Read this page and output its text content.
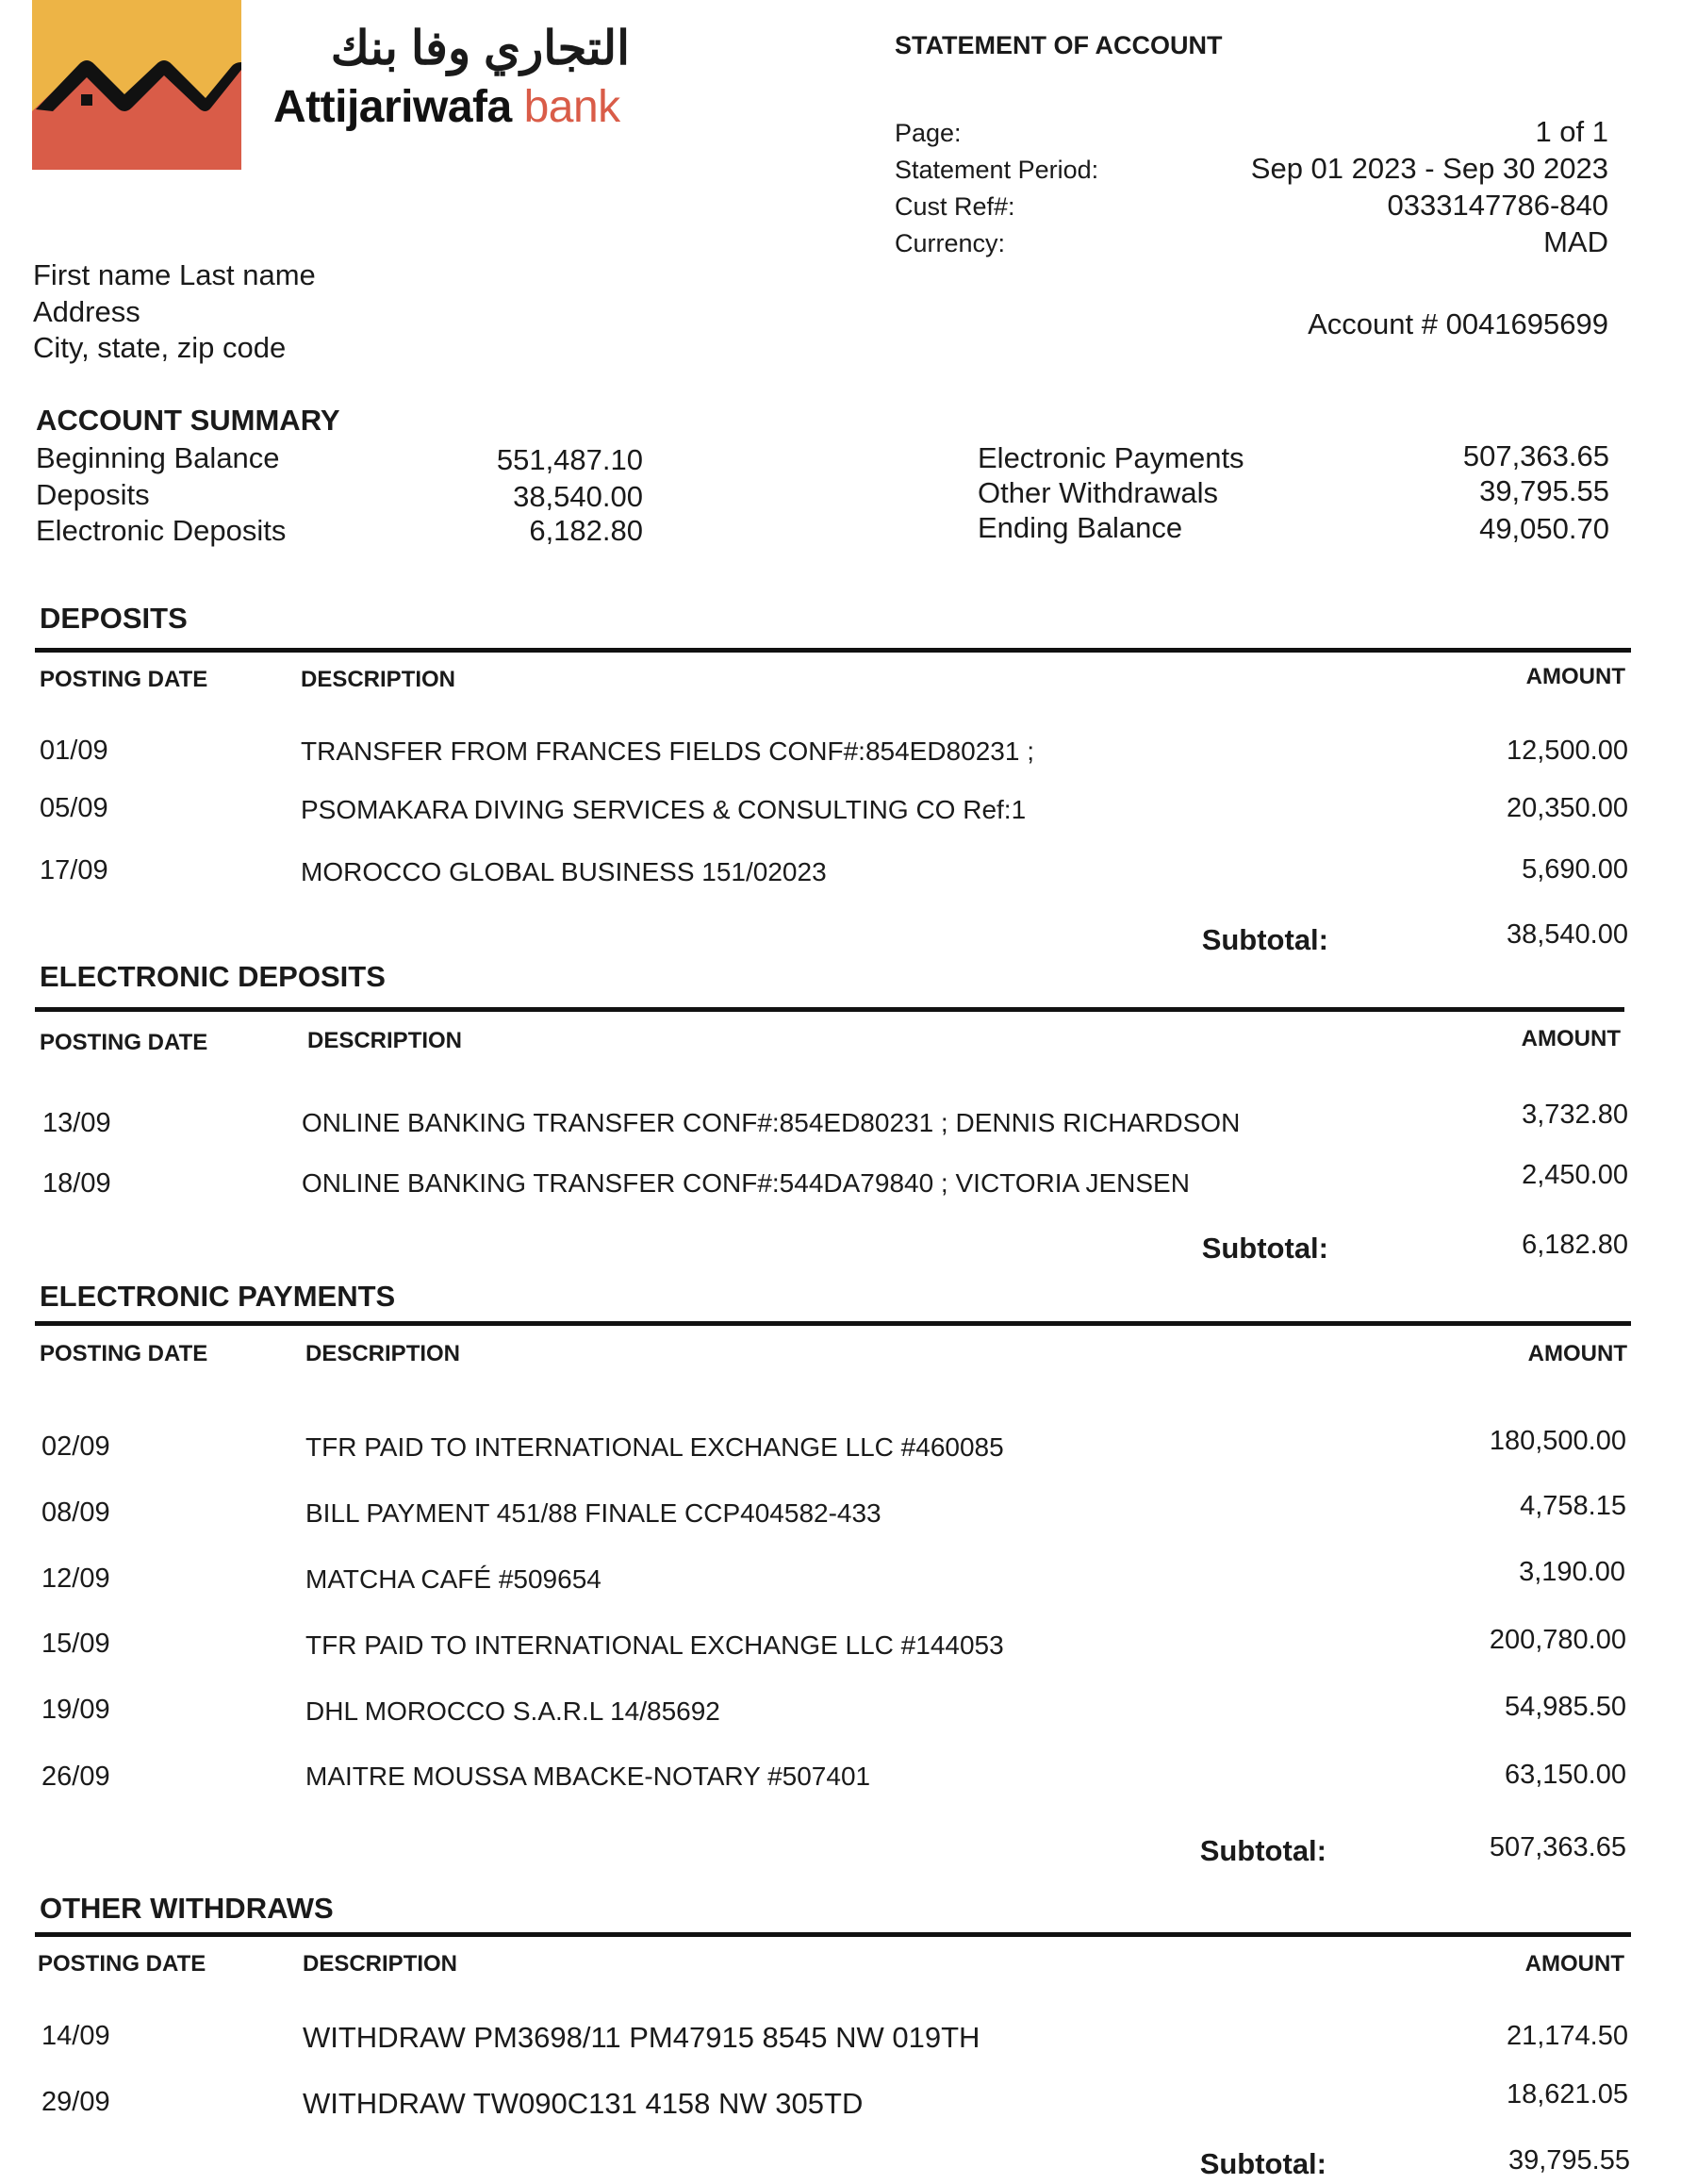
التجاري وفا بنك
Attijariwafa bank
STATEMENT OF ACCOUNT
Page:	1 of 1
Statement Period:	Sep 01 2023 - Sep 30 2023
Cust Ref#:	0333147786-840
Currency:	MAD
Account # 0041695699
First name Last name
Address
City, state, zip code
ACCOUNT SUMMARY
Beginning Balance	551,487.10
Deposits	38,540.00
Electronic Deposits	6,182.80
Electronic Payments	507,363.65
Other Withdrawals	39,795.55
Ending Balance	49,050.70
DEPOSITS
POSTING DATE	DESCRIPTION	AMOUNT
01/09	TRANSFER FROM FRANCES FIELDS CONF#:854ED80231 ;	12,500.00
05/09	PSOMAKARA DIVING SERVICES & CONSULTING CO Ref:1	20,350.00
17/09	MOROCCO GLOBAL BUSINESS 151/02023	5,690.00
Subtotal:	38,540.00
ELECTRONIC DEPOSITS
POSTING DATE	DESCRIPTION	AMOUNT
13/09	ONLINE BANKING TRANSFER CONF#:854ED80231 ; DENNIS RICHARDSON	3,732.80
18/09	ONLINE BANKING TRANSFER CONF#:544DA79840 ; VICTORIA JENSEN	2,450.00
Subtotal:	6,182.80
ELECTRONIC PAYMENTS
POSTING DATE	DESCRIPTION	AMOUNT
02/09	TFR PAID TO INTERNATIONAL EXCHANGE LLC #460085	180,500.00
08/09	BILL PAYMENT 451/88 FINALE CCP404582-433	4,758.15
12/09	MATCHA CAFÉ #509654	3,190.00
15/09	TFR PAID TO INTERNATIONAL EXCHANGE LLC #144053	200,780.00
19/09	DHL MOROCCO S.A.R.L 14/85692	54,985.50
26/09	MAITRE MOUSSA MBACKE-NOTARY #507401	63,150.00
Subtotal:	507,363.65
OTHER WITHDRAWS
POSTING DATE	DESCRIPTION	AMOUNT
14/09	WITHDRAW PM3698/11 PM47915 8545 NW 019TH	21,174.50
29/09	WITHDRAW TW090C131 4158 NW 305TD	18,621.05
Subtotal:	39,795.55
